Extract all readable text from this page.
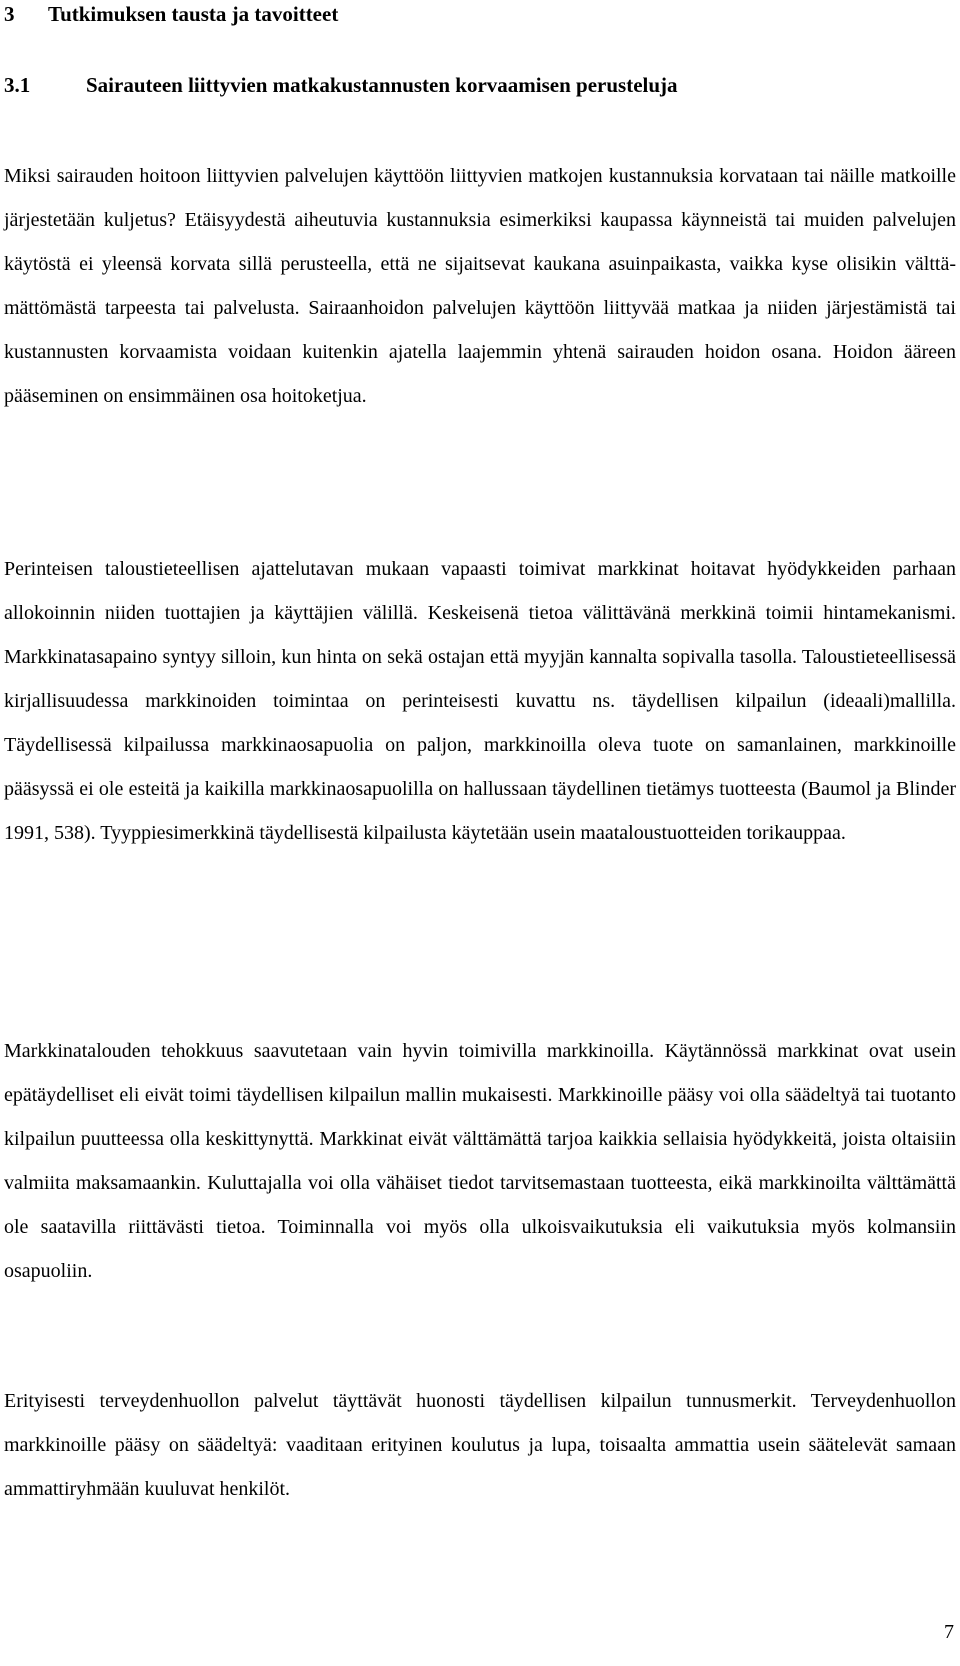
3 Tutkimuksen tausta ja tavoitteet
3.1	Sairauteen liittyvien matkakustannusten korvaamisen perusteluja

Miksi sairauden hoitoon liittyvien palvelujen käyttöön liittyvien matkojen kustannuksia korvataan tai näille matkoille järjestetään kuljetus? Etäisyydestä aiheutuvia kustannuksia esimerkiksi kaupassa käynneistä tai muiden palvelujen käytöstä ei yleensä korvata sillä perusteella, että ne sijaitsevat kaukana asuinpaikasta, vaikka kyse olisikin välttämättömästä tarpeesta tai palvelusta. Sairaanhoidon palvelujen käyttöön liittyvää matkaa ja niiden järjestämistä tai kustannusten korvaamista voidaan kuitenkin ajatella laajemmin yhtenä sairauden hoidon osana. Hoidon ääreen pääseminen on ensimmäinen osa hoitoketjua.

Perinteisen taloustieteellisen ajattelutavan mukaan vapaasti toimivat markkinat hoitavat hyödykkeiden parhaan allokoinnin niiden tuottajien ja käyttäjien välillä. Keskeisenä tietoa välittävänä merkkinä toimii hintamekanismi. Markkinatasapaino syntyy silloin, kun hinta on sekä ostajan että myyjän kannalta sopivalla tasolla. Taloustieteellisessä kirjallisuudessa markkinoiden toimintaa on perinteisesti kuvattu ns. täydellisen kilpailun (ideaali)mallilla. Täydellisessä kilpailussa markkinaosapuolia on paljon, markkinoilla oleva tuote on samanlainen, markkinoille pääsyssä ei ole esteitä ja kaikilla markkinaosapuolilla on hallussaan täydellinen tietämys tuotteesta (Baumol ja Blinder 1991, 538). Tyyppiesimerkkinä täydellisestä kilpailusta käytetään usein maataloustuotteiden torikauppaa.

Markkinatalouden tehokkuus saavutetaan vain hyvin toimivilla markkinoilla. Käytännössä markkinat ovat usein epätäydelliset eli eivät toimi täydellisen kilpailun mallin mukaisesti. Markkinoille pääsy voi olla säädeltyä tai tuotanto kilpailun puutteessa olla keskittynyttä. Markkinat eivät välttämättä tarjoa kaikkia sellaisia hyödykkeitä, joista oltaisiin valmiita maksamaankin. Kuluttajalla voi olla vähäiset tiedot tarvitsemastaan tuotteesta, eikä markkinoilta välttämättä ole saatavilla riittävästi tietoa. Toiminnalla voi myös olla ulkoisvaikutuksia eli vaikutuksia myös kolmansiin osapuoliin.

Erityisesti terveydenhuollon palvelut täyttävät huonosti täydellisen kilpailun tunnusmerkit. Terveydenhuollon markkinoille pääsy on säädeltyä: vaaditaan erityinen koulutus ja lupa, toisaalta ammattia usein säätelevät samaan ammattiryhmään kuuluvat henkilöt.

7
